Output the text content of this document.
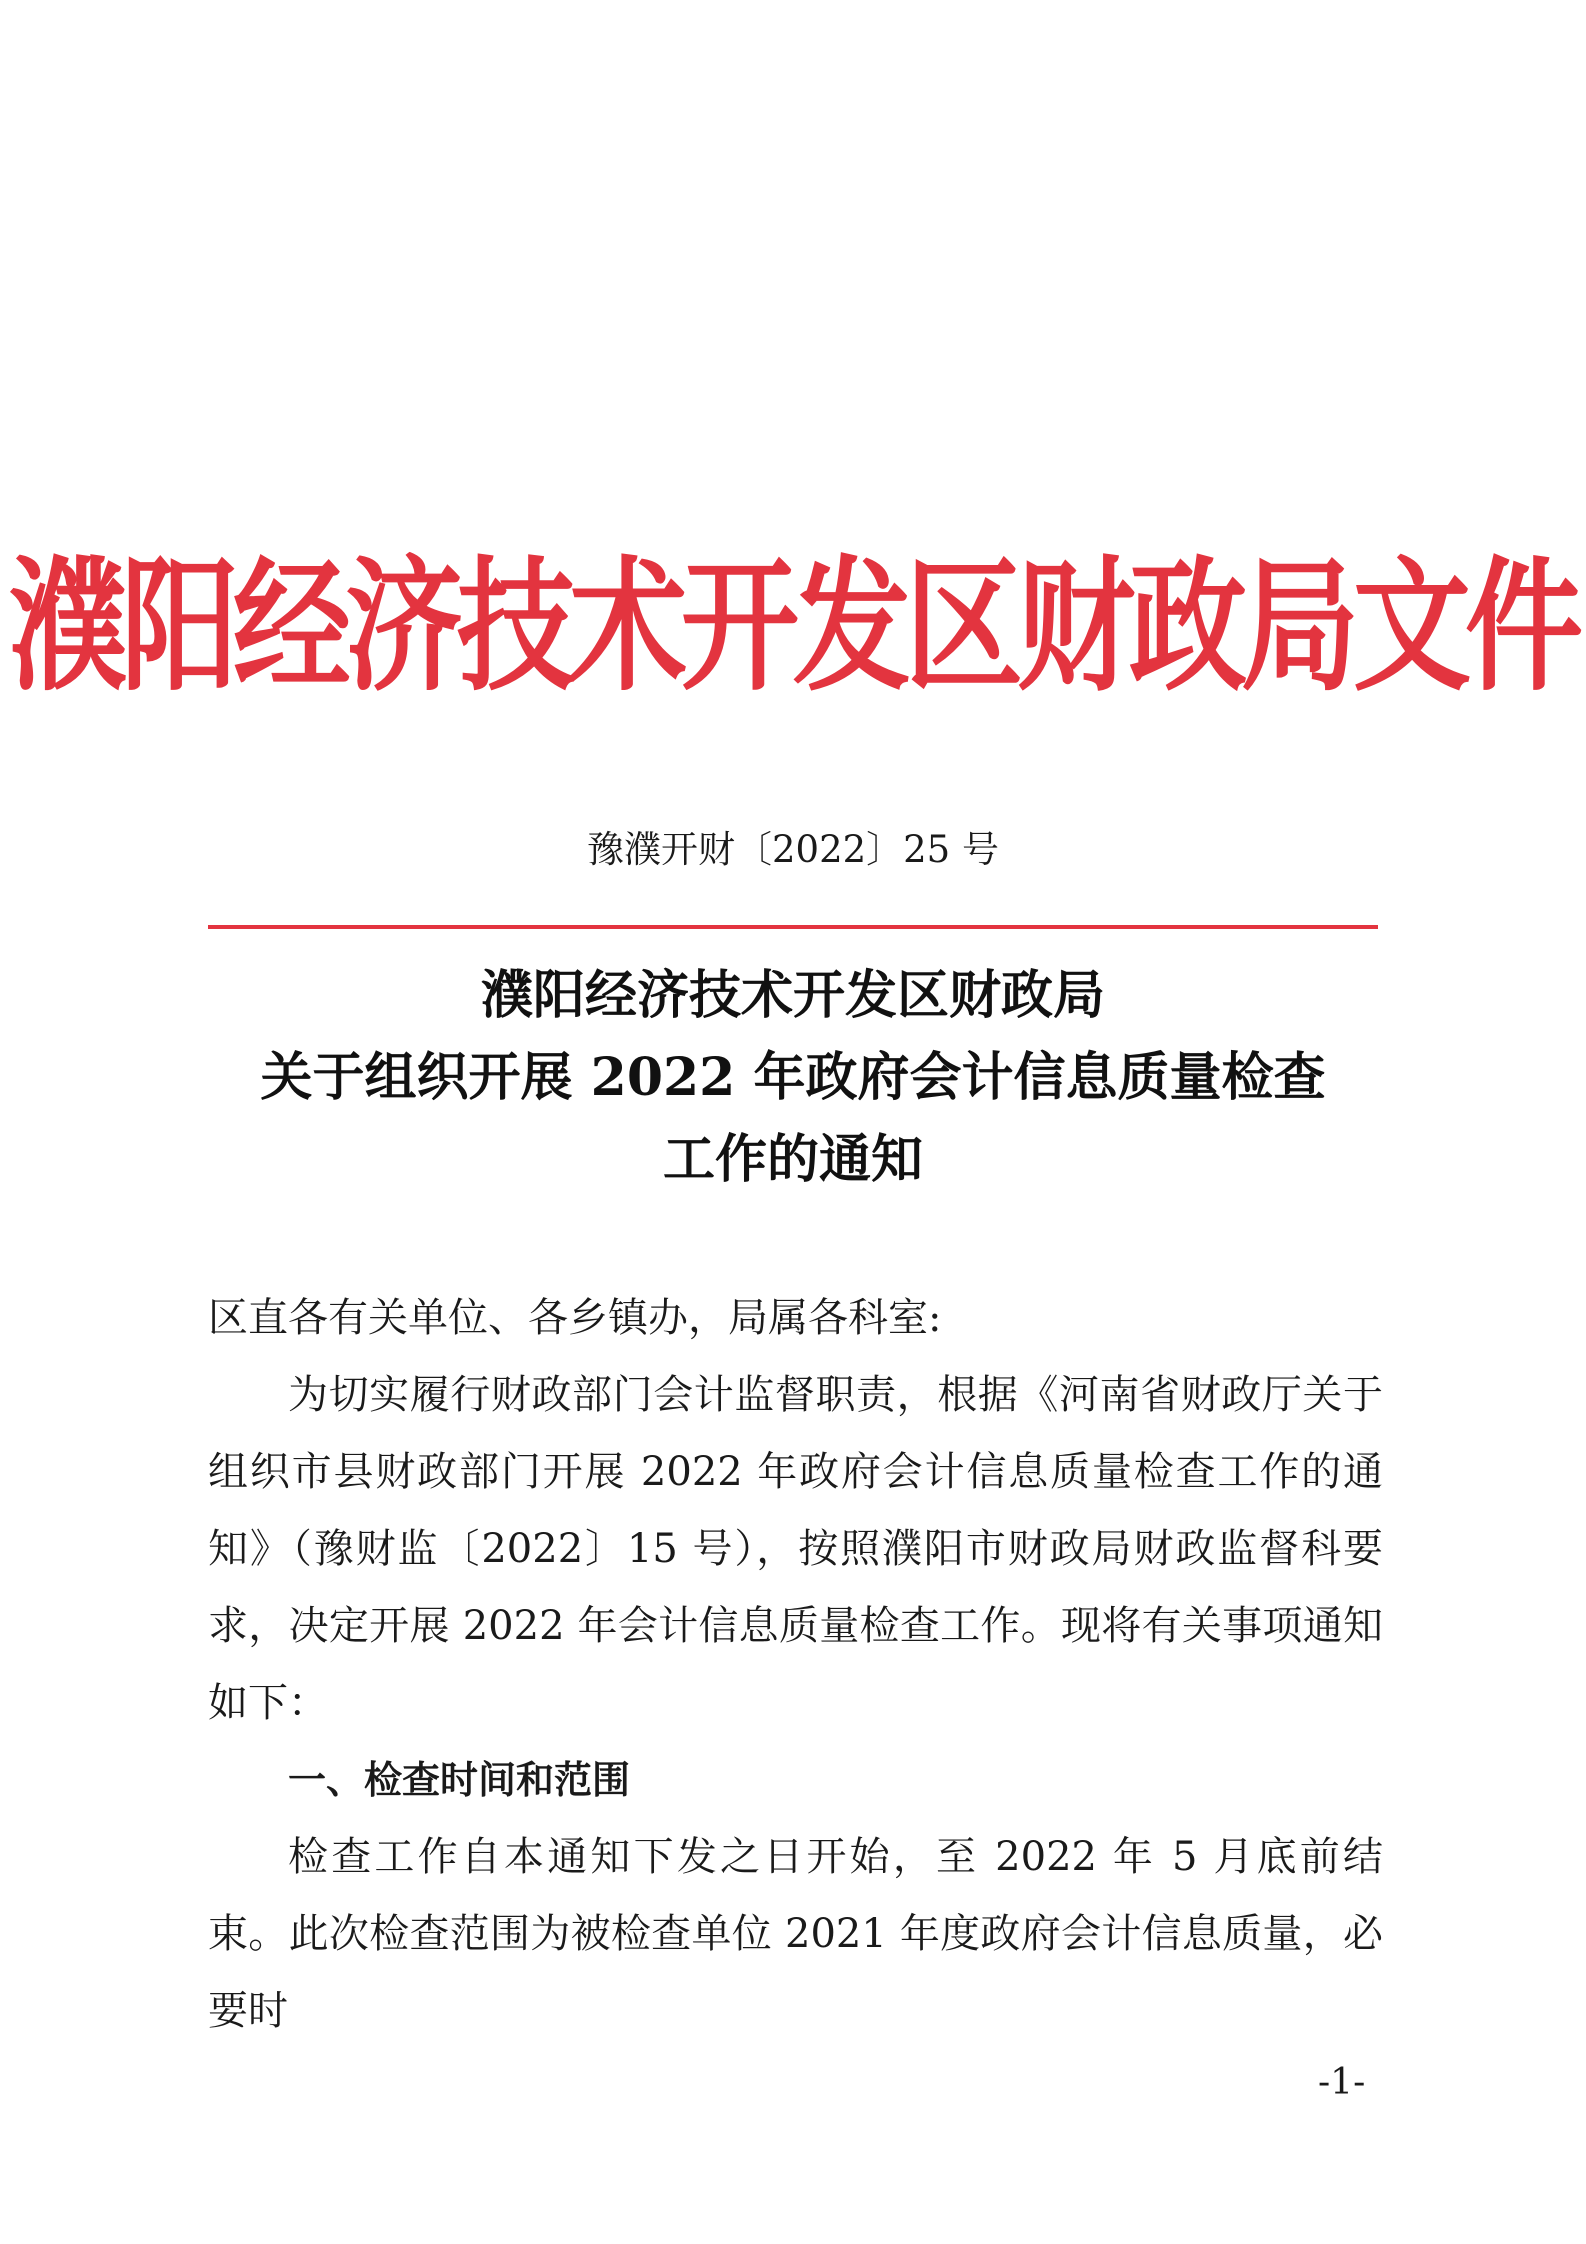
濮阳经济技术开发区财政局文件
豫濮开财〔2022〕25 号
濮阳经济技术开发区财政局
关于组织开展 2022 年政府会计信息质量检查
工作的通知

区直各有关单位、各乡镇办，局属各科室:

为切实履行财政部门会计监督职责，根据《河南省财政厅关于组织市县财政部门开展 2022 年政府会计信息质量检查工作的通知》（豫财监〔2022〕15 号），按照濮阳市财政局财政监督科要求，决定开展 2022 年会计信息质量检查工作。现将有关事项通知如下：

一、检查时间和范围

检查工作自本通知下发之日开始，至 2022 年 5 月底前结束。此次检查范围为被检查单位 2021 年度政府会计信息质量，必要时

-1-
